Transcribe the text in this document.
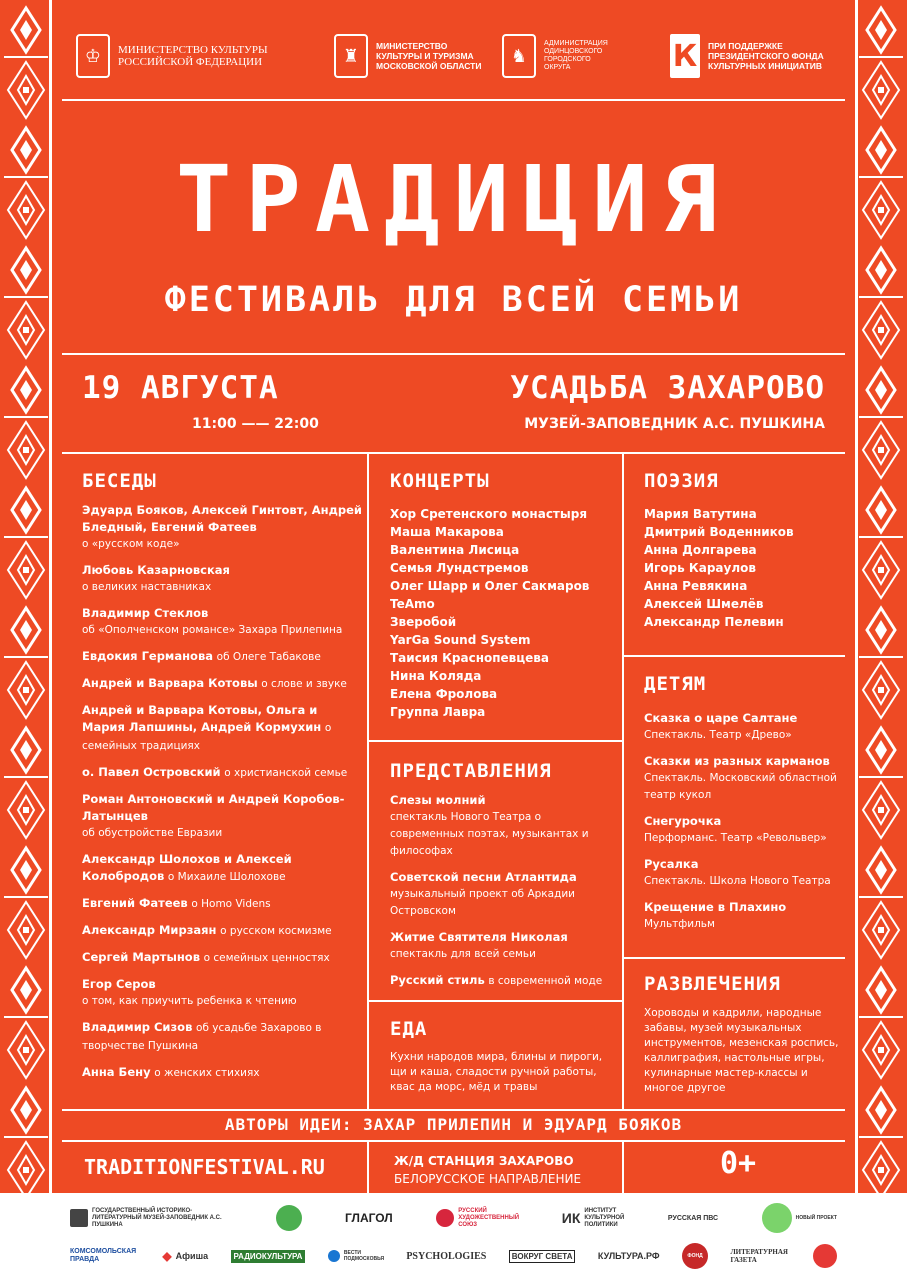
♔	МИНИСТЕРСТВО КУЛЬТУРЫ
РОССИЙСКОЙ ФЕДЕРАЦИИ	♜	МИНИСТЕРСТВО
КУЛЬТУРЫ И ТУРИЗМА
МОСКОВСКОЙ ОБЛАСТИ	♞
АДМИНИСТРАЦИЯ
ОДИНЦОВСКОГО
ГОРОДСКОГО
ОКРУГА	К	ПРИ ПОДДЕРЖКЕ
ПРЕЗИДЕНТСКОГО ФОНДА
КУЛЬТУРНЫХ ИНИЦИАТИВ
ТРАДИЦИЯ
ФЕСТИВАЛЬ ДЛЯ ВСЕЙ СЕМЬИ
19 АВГУСТА
11:00 —— 22:00
УСАДЬБА ЗАХАРОВО
МУЗЕЙ-ЗАПОВЕДНИК А.С. ПУШКИНА
БЕСЕДЫ
Эдуард Бояков, Алексей Гинтовт, Андрей Бледный, Евгений Фатеев
о «русском коде»
Любовь Казарновская
о великих наставниках
Владимир Стеклов
об «Ополченском романсе» Захара Прилепина
Евдокия Германова об Олеге Табакове
Андрей и Варвара Котовы о слове и звуке
Андрей и Варвара Котовы, Ольга и Мария Лапшины, Андрей Кормухин о семейных традициях
о. Павел Островский о христианской семье
Роман Антоновский и Андрей Коробов-Латынцев
об обустройстве Евразии
Александр Шолохов и Алексей Колобродов о Михаиле Шолохове
Евгений Фатеев о Homo Videns
Александр Мирзаян о русском космизме
Сергей Мартынов о семейных ценностях
Егор Серов
о том, как приучить ребенка к чтению
Владимир Сизов об усадьбе Захарово в творчестве Пушкина
Анна Бену о женских стихиях
КОНЦЕРТЫ
Хор Сретенского монастыря
Маша Макарова
Валентина Лисица
Семья Лундстремов
Олег Шарр и Олег Сакмаров
TeAmo
Зверобой
YarGa Sound System
Таисия Краснопевцева
Нина Коляда
Елена Фролова
Группа Лавра
ПРЕДСТАВЛЕНИЯ
Слезы молний
спектакль Нового Театра о современных поэтах, музыкантах и философах
Советской песни Атлантида
музыкальный проект об Аркадии Островском
Житие Святителя Николая
спектакль для всей семьи
Русский стиль в современной моде
ЕДА
Кухни народов мира, блины и пироги, щи и каша, сладости ручной работы, квас да морс, мёд и травы
ПОЭЗИЯ
Мария Ватутина
Дмитрий Воденников
Анна Долгарева
Игорь Караулов
Анна Ревякина
Алексей Шмелёв
Александр Пелевин
ДЕТЯМ
Сказка о царе Салтане
Спектакль. Театр «Древо»
Сказки из разных карманов
Спектакль. Московский областной театр кукол
Снегурочка
Перформанс. Театр «Револьвер»
Русалка
Спектакль. Школа Нового Театра
Крещение в Плахино
Мультфильм
РАЗВЛЕЧЕНИЯ
Хороводы и кадрили, народные забавы, музей музыкальных инструментов, мезенская роспись, каллиграфия, настольные игры, кулинарные мастер-классы и многое другое
АВТОРЫ ИДЕИ: ЗАХАР ПРИЛЕПИН И ЭДУАРД БОЯКОВ
TRADITIONFESTIVAL.RU	Ж/Д СТАНЦИЯ ЗАХАРОВО
БЕЛОРУССКОЕ НАПРАВЛЕНИЕ	0+
ГОСУДАРСТВЕННЫЙ ИСТОРИКО-ЛИТЕРАТУРНЫЙ МУЗЕЙ-ЗАПОВЕДНИК А.С. ПУШКИНА	ГЛАГОЛ
РУССКИЙ ХУДОЖЕСТВЕННЫЙ СОЮЗ	ИК ИНСТИТУТ КУЛЬТУРНОЙ ПОЛИТИКИ
РУССКАЯ ПВС	НОВЫЙ ПРОЕКТ
КОМСОМОЛЬСКАЯ ПРАВДА	◆ Афиша	РАДИОКУЛЬТУРА	ВЕСТИ ПОДМОСКОВЬЯ PSYCHOLOGIES	ВОКРУГ СВЕТА	КУЛЬТУРА.РФ	ФОНД	ЛИТЕРАТУРНАЯ ГАЗЕТА
